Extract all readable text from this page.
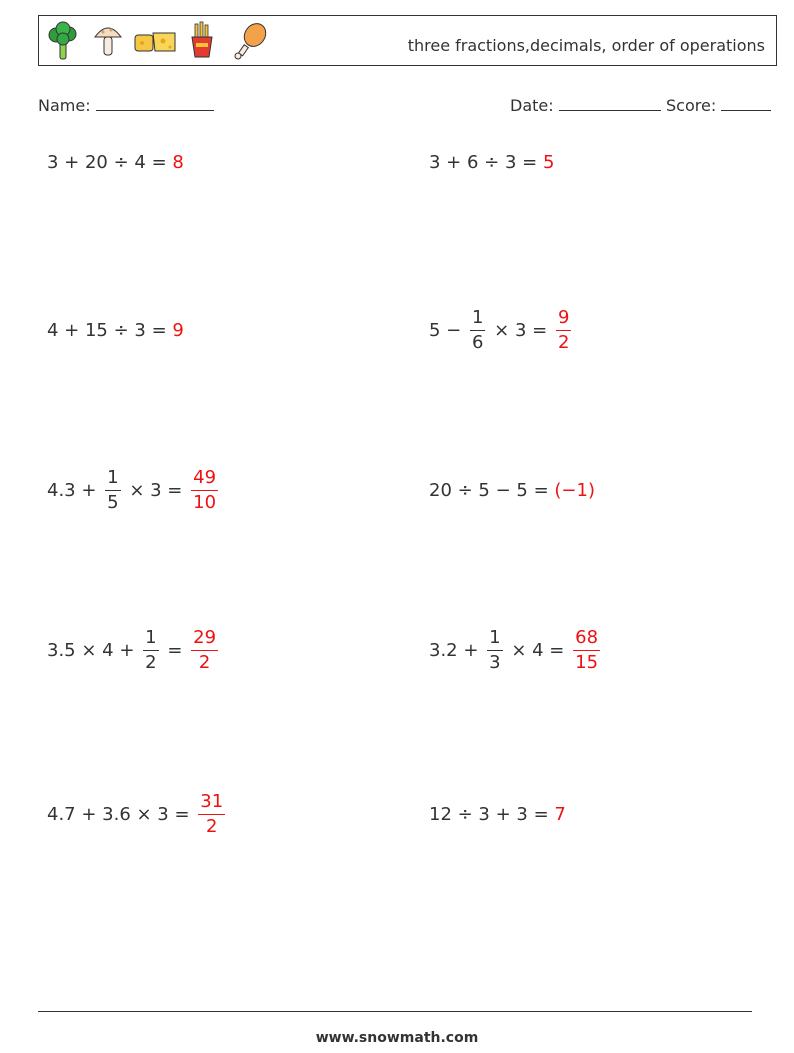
three fractions,decimals, order of operations
Name:	Date:	Score:
3 + 20 ÷ 4 = 8	3 + 6 ÷ 3 = 5
4 + 15 ÷ 3 = 9	$5 - \frac{1}{6} \times 3 = \frac{9}{2}$
$4.3 + \frac{1}{5} \times 3 = \frac{49}{10}$	20 ÷ 5 − 5 = (−1)
$3.5 \times 4 + \frac{1}{2} = \frac{29}{2}$	$3.2 + \frac{1}{3} \times 4 = \frac{68}{15}$
$4.7 + 3.6 \times 3 = \frac{31}{2}$	12 ÷ 3 + 3 = 7
www.snowmath.com
